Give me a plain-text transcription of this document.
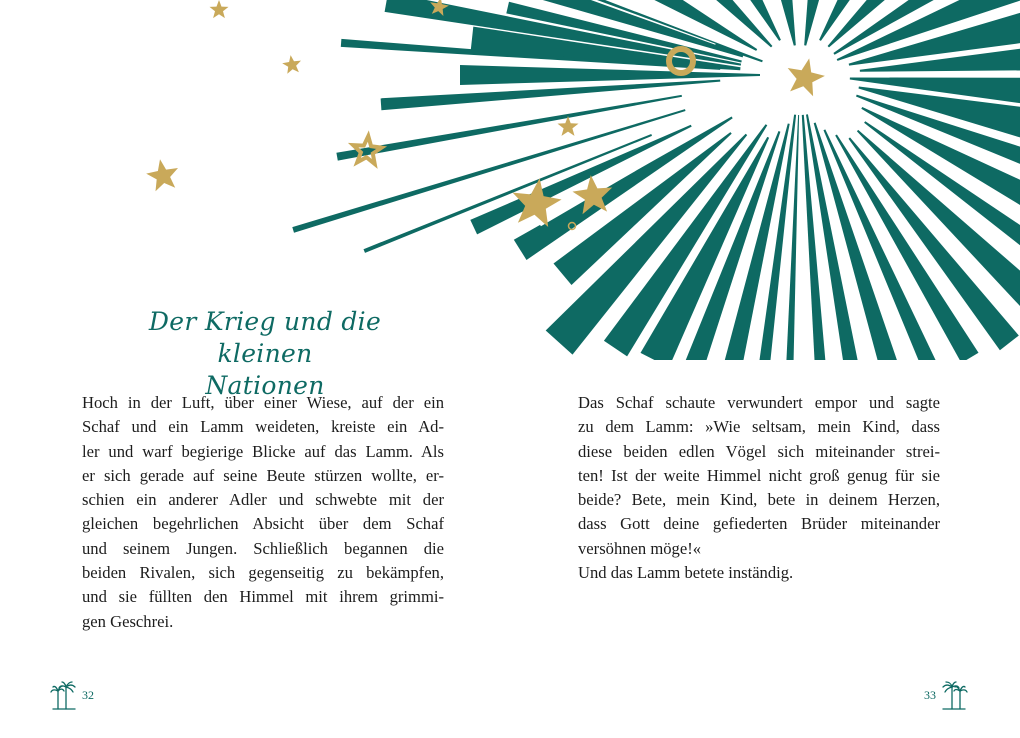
Der Krieg und die kleinen
Nationen

Hoch in der Luft, über einer Wiese, auf der ein
Schaf und ein Lamm weideten, kreiste ein Ad-
ler und warf begierige Blicke auf das Lamm. Als
er sich gerade auf seine Beute stürzen wollte, er-
schien ein anderer Adler und schwebte mit der
gleichen begehrlichen Absicht über dem Schaf
und seinem Jungen. Schließlich begannen die
beiden Rivalen, sich gegenseitig zu bekämpfen,
und sie füllten den Himmel mit ihrem grimmi-
gen Geschrei.

Das Schaf schaute verwundert empor und sagte
zu dem Lamm: »Wie seltsam, mein Kind, dass
diese beiden edlen Vögel sich miteinander strei-
ten! Ist der weite Himmel nicht groß genug für sie
beide? Bete, mein Kind, bete in deinem Herzen,
dass Gott deine gefiederten Brüder miteinander
versöhnen möge!«

Und das Lamm betete inständig.

32	33
